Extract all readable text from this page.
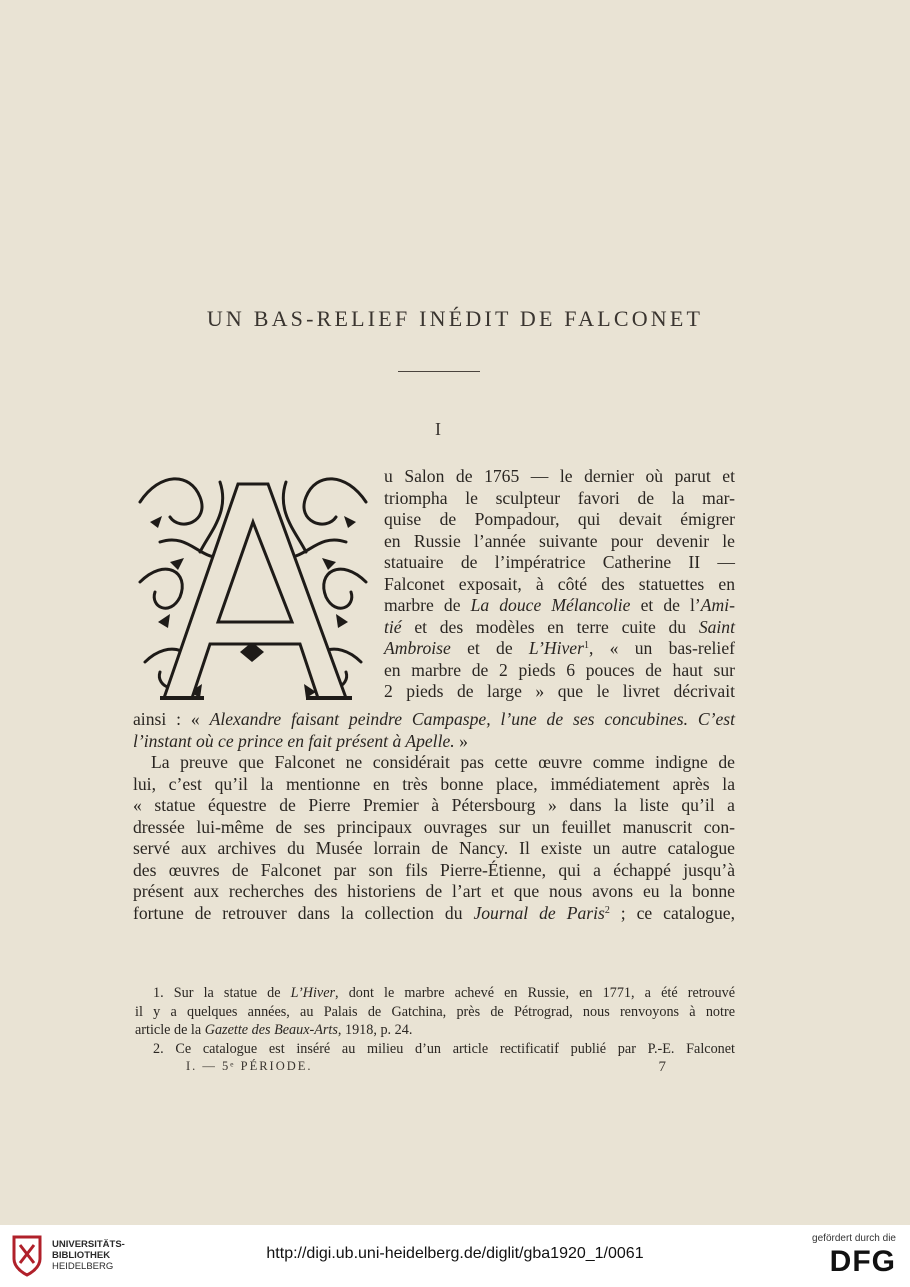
UN BAS-RELIEF INÉDIT DE FALCONET
I
u Salon de 1765 — le dernier où parut et
triompha le sculpteur favori de la mar-
quise de Pompadour, qui devait émigrer
en Russie l’année suivante pour devenir le
statuaire de l’impératrice Catherine II —
Falconet exposait, à côté des statuettes en
marbre de La douce Mélancolie et de l’Ami-
tié et des modèles en terre cuite du Saint
Ambroise et de L’Hiver$^1$, « un bas-relief
en marbre de 2 pieds 6 pouces de haut sur
2 pieds de large » que le livret décrivait
ainsi : « Alexandre faisant peindre Campaspe, l’une de ses concubines. C’est
l’instant où ce prince en fait présent à Apelle. »
La preuve que Falconet ne considérait pas cette œuvre comme indigne de
lui, c’est qu’il la mentionne en très bonne place, immédiatement après la
« statue équestre de Pierre Premier à Pétersbourg » dans la liste qu’il a
dressée lui-même de ses principaux ouvrages sur un feuillet manuscrit con-
servé aux archives du Musée lorrain de Nancy. Il existe un autre catalogue
des œuvres de Falconet par son fils Pierre-Étienne, qui a échappé jusqu’à
présent aux recherches des historiens de l’art et que nous avons eu la bonne
fortune de retrouver dans la collection du Journal de Paris$^2$ ; ce catalogue,
1. Sur la statue de L’Hiver, dont le marbre achevé en Russie, en 1771, a été retrouvé
il y a quelques années, au Palais de Gatchina, près de Pétrograd, nous renvoyons à notre
article de la Gazette des Beaux-Arts, 1918, p. 24.
2. Ce catalogue est inséré au milieu d’un article rectificatif publié par P.-E. Falconet
I. — 5ᵉ PÉRIODE.	7
UNIVERSITÄTS-
BIBLIOTHEK
HEIDELBERG
http://digi.ub.uni-heidelberg.de/diglit/gba1920_1/0061
gefördert durch die
DFG
